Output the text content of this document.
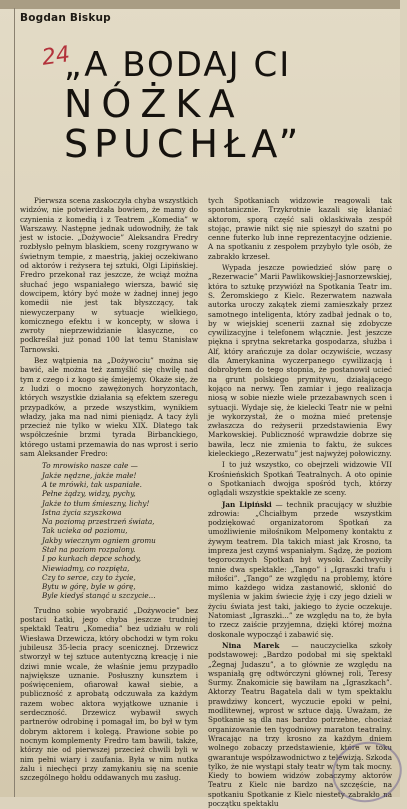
Bogdan Biskup
24
„A BODAJ CI
NÓŻKA
SPUCHŁA”

Pierwsza scena zaskoczyła chyba wszystkich widzów, nie potwierdzała bowiem, że mamy do czynienia z komedią i z Teatrem „Komedia” w Warszawy. Następne jednak udowodniły, że tak jest w istocie. „Dożywocie” Aleksandra Fredry rozbłysło pełnym blaskiem, sceny rozgrywano w świetnym tempie, z maestrią, jakiej oczekiwano od aktorów i reżysera tej sztuki, Olgi Lipińskiej. Fredro przekonał raz jeszcze, że wciąż można słuchać jego wspaniałego wiersza, bawić się dowcipem, który być może w żadnej innej jego komedii nie jest tak błyszczący, tak niewyczerpany w sytuacje wielkiego, komicznego efektu i w koncepty, w słowa i zwroty nieprzewidzianie klasyczne, co podkreślał już ponad 100 lat temu Stanisław Tarnowski.

Bez wątpienia na „Dożywociu” można się bawić, ale można też zamyślić się chwilę nad tym z czego i z kogo się śmiejemy. Okaże się, że z ludzi o mocno zawężonych horyzontach, których wszystkie działania są efektem szeregu przypadków, a przede wszystkim, wynikiem władzy, jaka ma nad nimi pieniądz. A tacy żyli przecież nie tylko w wieku XIX. Dlatego tak współcześnie brzmi tyrada Birbanckiego, którego ustami przemawia do nas wprost i serio sam Aleksander Fredro:

To mrowisko nasze całe —
Jakże nędzne, jakże małe!
A te mrówki, tak uspaniałe.
Pełne żądzy, widzy, pychy,
Jakże to tłum śmieszny, lichy!
Istna życia szyszkowa
Na poziomą przestrzeń świata,
Tak ucieka od poziomu,
Jakby wiecznym ogniem gromu
Stał na poziom rozpalony.
I po kurkach depce schody,
Niewiadmy, co rozpięta,
Czy to serce, czy to życie,
Bytu w górę, byle w górę,
Byle kiedyś stanąć u szczycie...

Trudno sobie wyobrazić „Dożywocie” bez postaci Łatki, jego chyba jeszcze trudniej spektakl Teatru „Komedia” bez udziału w roli Wiesława Drzewicza, który obchodzi w tym roku jubileusz 35-lecia pracy scenicznej. Drzewicz stworzył w tej sztuce autentyczną kreację i nie dziwi mnie wcale, że właśnie jemu przypadło największe uznanie. Posłuszny kunsztem i poświęceniem, ofiarował kawał siebie, a publiczność z aprobatą odczuwała za każdym razem wobec aktora wyjątkowe uznanie i serdeczność. Drzewicz wybawił swych partnerów odrobinę i pomagał im, bo był w tym dobrym aktorem i kolegą. Prawione sobie po nocnym komplementy Fredro tam bawili, także, którzy nie od pierwszej przecież chwili byli w nim pełni wiary i zaufania. Była w nim nutka żalu i niechęci przy zamykaniu się na scenie szczególnego hołdu oddawanych mu zasług.

tych Spotkaniach widzowie reagowali tak spontanicznie. Trzykrotnie kazali się kłaniać aktorom, sporą część sali oklaskiwała zespół stojąc, prawie nikt się nie spieszył do szatni po cenne futerko lub inne reprezentacyjne odzienie. A na spotkaniu z zespołem przybyło tyle osób, że zabrakło krzeseł.

Wypada jeszcze powiedzieć słów parę o „Rezerwacie” Marii Pawlikowskiej-Jasnorzewskiej, która to sztukę przywiózł na Spotkania Teatr im. S. Żeromskiego z Kielc. Rezerwatem nazwała autorka uroczy zakątek ziemi zamieszkały przez samotnego inteligenta, który zadbał jednak o to, by w wiejskiej scenerii zaznał się zdobycze cywilizacyjne i telefonem włącznie. Jest jeszcze piękna i sprytna sekretarka gospodarza, służba i Alf, który arańczuje za dolar oczywiście, wczasy dla Amerykanina wyczerpanego cywilizacją i dobrobytem do tego stopnia, że postanowił ucieć na grunt polskiego prymitywu, działającego kojąco na nerwy. Ten zamiar i jego realizacja niosą w sobie niezłe wiele przezabawnych scen i sytuacji. Wydaje się, że kielecki Teatr nie w pełni je wykorzystał, że o można mieć pretensje zwłaszcza do reżyserii przedstawienia Ewy Markowskiej. Publiczność wprawdzie dobrze się bawiła, lecz nie zmienia to faktu, że sukces kieleckiego „Rezerwatu” jest najwyżej połowiczny.

I to już wszystko, co obejrzeli widzowie VII Krośnieńskich Spotkań Teatralnych. A oto opinie o Spotkaniach dwojga spośród tych, którzy oglądali wszystkie spektakle ze sceny.

Jan Lipiński — technik pracujący w służbie zdrowia: „Chciałbym przede wszystkim podziękować organizatorom Spotkań za umożliwienie miłośnikom Melpomeny kontaktu z żywym teatrem. Dla takich miast jak Krosno, ta impreza jest czymś wspaniałym. Sądzę, że poziom tegorocznych Spotkań był wysoki. Zachwyciły mnie dwa spektakle: „Tango” i „Igraszki trafu i miłości”. „Tango” ze względu na problemy, które mimo każdego widza zastanowić, skłonić do myślenia w jakim świecie żyję i czy jego dzieli w życiu świata jest taki, jakiego to życie oczekuje. Natomiast „Igraszki...” ze względu na to, że była to rzecz zaiście przyjemna, dzięki której można doskonale wypocząć i zabawić się.

Nina Marek — nauczycielka szkoły podstawowej: „Bardzo podobał mi się spektakl „Żegnaj Judaszu”, a to głównie ze względu na wspaniałą grę odtwórczyni głównej roli, Teresy Surmy. Znakomicie się bawiłam na „Igraszkach”. Aktorzy Teatru Bagatela dali w tym spektaklu prawdziwy koncert, wyczucie epoki w pełni, modlitewnej, wprost w sztuce dają. Uważam, że Spotkanie są dla nas bardzo potrzebne, chociaż organizowanie ten tygodniowy maraton teatralny. Wracając na trzy krosno za każdym dniem wolnego zobaczy przedstawienie, które w toku gwarantuje współzawodnictwo z telewizją. Szkoda tylko, że nie wystąpi stały teatr w tym tak mocny. Kiedy to bowiem widzów zobaczymy aktorów Teatru z Kielc nie bardzo na szczęście, na spotkaniu Spotkanie z Kielc niestety zabrakło na początku spektaklu
